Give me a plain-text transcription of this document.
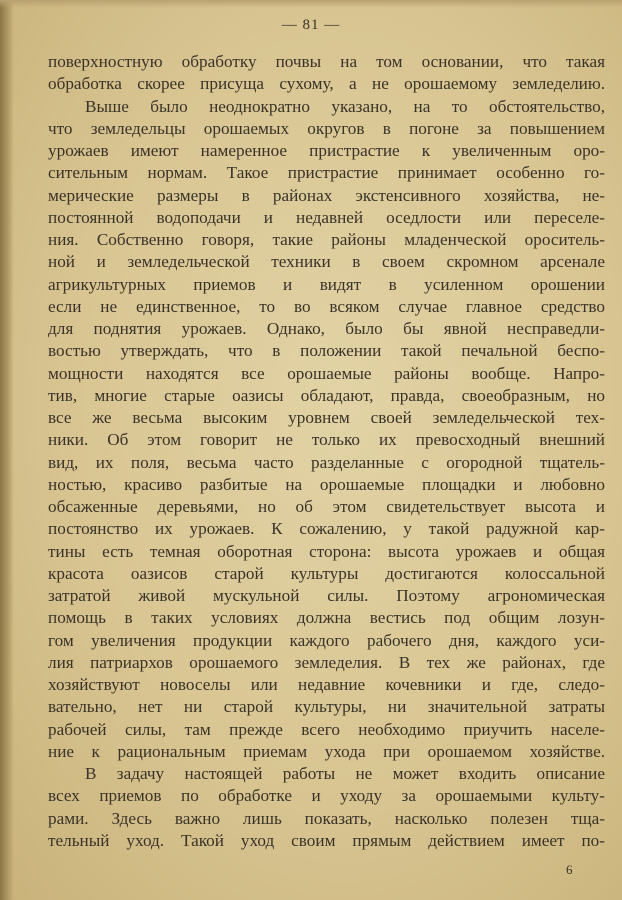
— 81 —
поверхностную обработку почвы на том основании, что такая
обработка скорее присуща сухому, а не орошаемому земледелию.
Выше было неоднократно указано, на то обстоятельство,
что земледельцы орошаемых округов в погоне за повышением
урожаев имеют намеренное пристрастие к увеличенным оро-
сительным нормам. Такое пристрастие принимает особенно го-
мерические размеры в районах экстенсивного хозяйства, не-
постоянной водоподачи и недавней оседлости или переселе-
ния. Собственно говоря, такие районы младенческой ороситель-
ной и земледельческой техники в своем скромном арсенале
агрикультурных приемов и видят в усиленном орошении
если не единственное, то во всяком случае главное средство
для поднятия урожаев. Однако, было бы явной несправедли-
востью утверждать, что в положении такой печальной беспо-
мощности находятся все орошаемые районы вообще. Напро-
тив, многие старые оазисы обладают, правда, своеобразным, но
все же весьма высоким уровнем своей земледельческой тех-
ники. Об этом говорит не только их превосходный внешний
вид, их поля, весьма часто разделанные с огородной тщатель-
ностью, красиво разбитые на орошаемые площадки и любовно
обсаженные деревьями, но об этом свидетельствует высота и
постоянство их урожаев. К сожалению, у такой радужной кар-
тины есть темная оборотная сторона: высота урожаев и общая
красота оазисов старой культуры достигаются колоссальной
затратой живой мускульной силы. Поэтому агрономическая
помощь в таких условиях должна вестись под общим лозун-
гом увеличения продукции каждого рабочего дня, каждого уси-
лия патриархов орошаемого земледелия. В тех же районах, где
хозяйствуют новоселы или недавние кочевники и где, следо-
вательно, нет ни старой культуры, ни значительной затраты
рабочей силы, там прежде всего необходимо приучить населе-
ние к рациональным приемам ухода при орошаемом хозяйстве.
В задачу настоящей работы не может входить описание
всех приемов по обработке и уходу за орошаемыми культу-
рами. Здесь важно лишь показать, насколько полезен тща-
тельный уход. Такой уход своим прямым действием имеет по-
6
